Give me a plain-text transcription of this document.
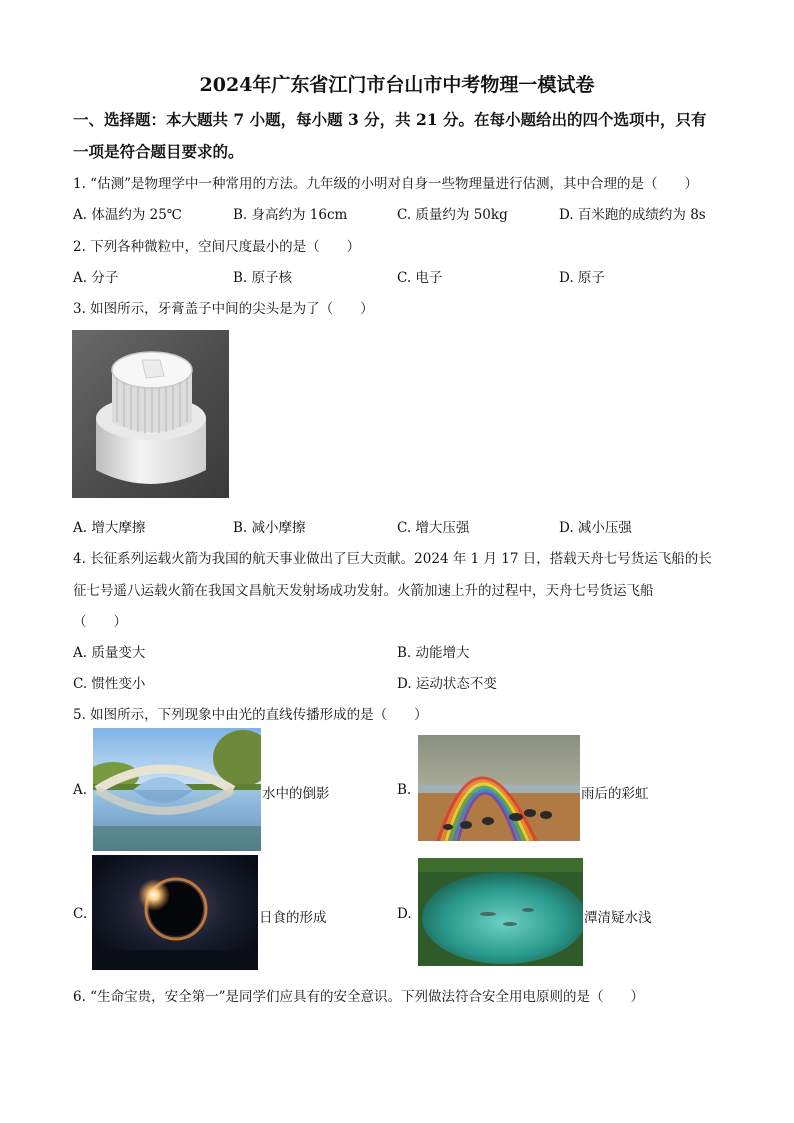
2024年广东省江门市台山市中考物理一模试卷
一、选择题：本大题共 7 小题，每小题 3 分，共 21 分。在每小题给出的四个选项中，只有
一项是符合题目要求的。
1. “估测”是物理学中一种常用的方法。九年级的小明对自身一些物理量进行估测，其中合理的是（　　）
A. 体温约为 25℃	B. 身高约为 16cm	C. 质量约为 50kg	D. 百米跑的成绩约为 8s
2. 下列各种微粒中，空间尺度最小的是（　　）
A. 分子	B. 原子核	C. 电子	D. 原子
3. 如图所示，牙膏盖子中间的尖头是为了（　　）
A. 增大摩擦	B. 减小摩擦	C. 增大压强	D. 减小压强
4. 长征系列运载火箭为我国的航天事业做出了巨大贡献。2024 年 1 月 17 日，搭载天舟七号货运飞船的长
征七号遥八运载火箭在我国文昌航天发射场成功发射。火箭加速上升的过程中，天舟七号货运飞船
（　　）
A. 质量变大	B. 动能增大
C. 惯性变小	D. 运动状态不变
5. 如图所示，下列现象中由光的直线传播形成的是（　　）
A.	水中的倒影	B.	雨后的彩虹
C.	日食的形成	D.	潭清疑水浅
6. “生命宝贵，安全第一”是同学们应具有的安全意识。下列做法符合安全用电原则的是（　　）
